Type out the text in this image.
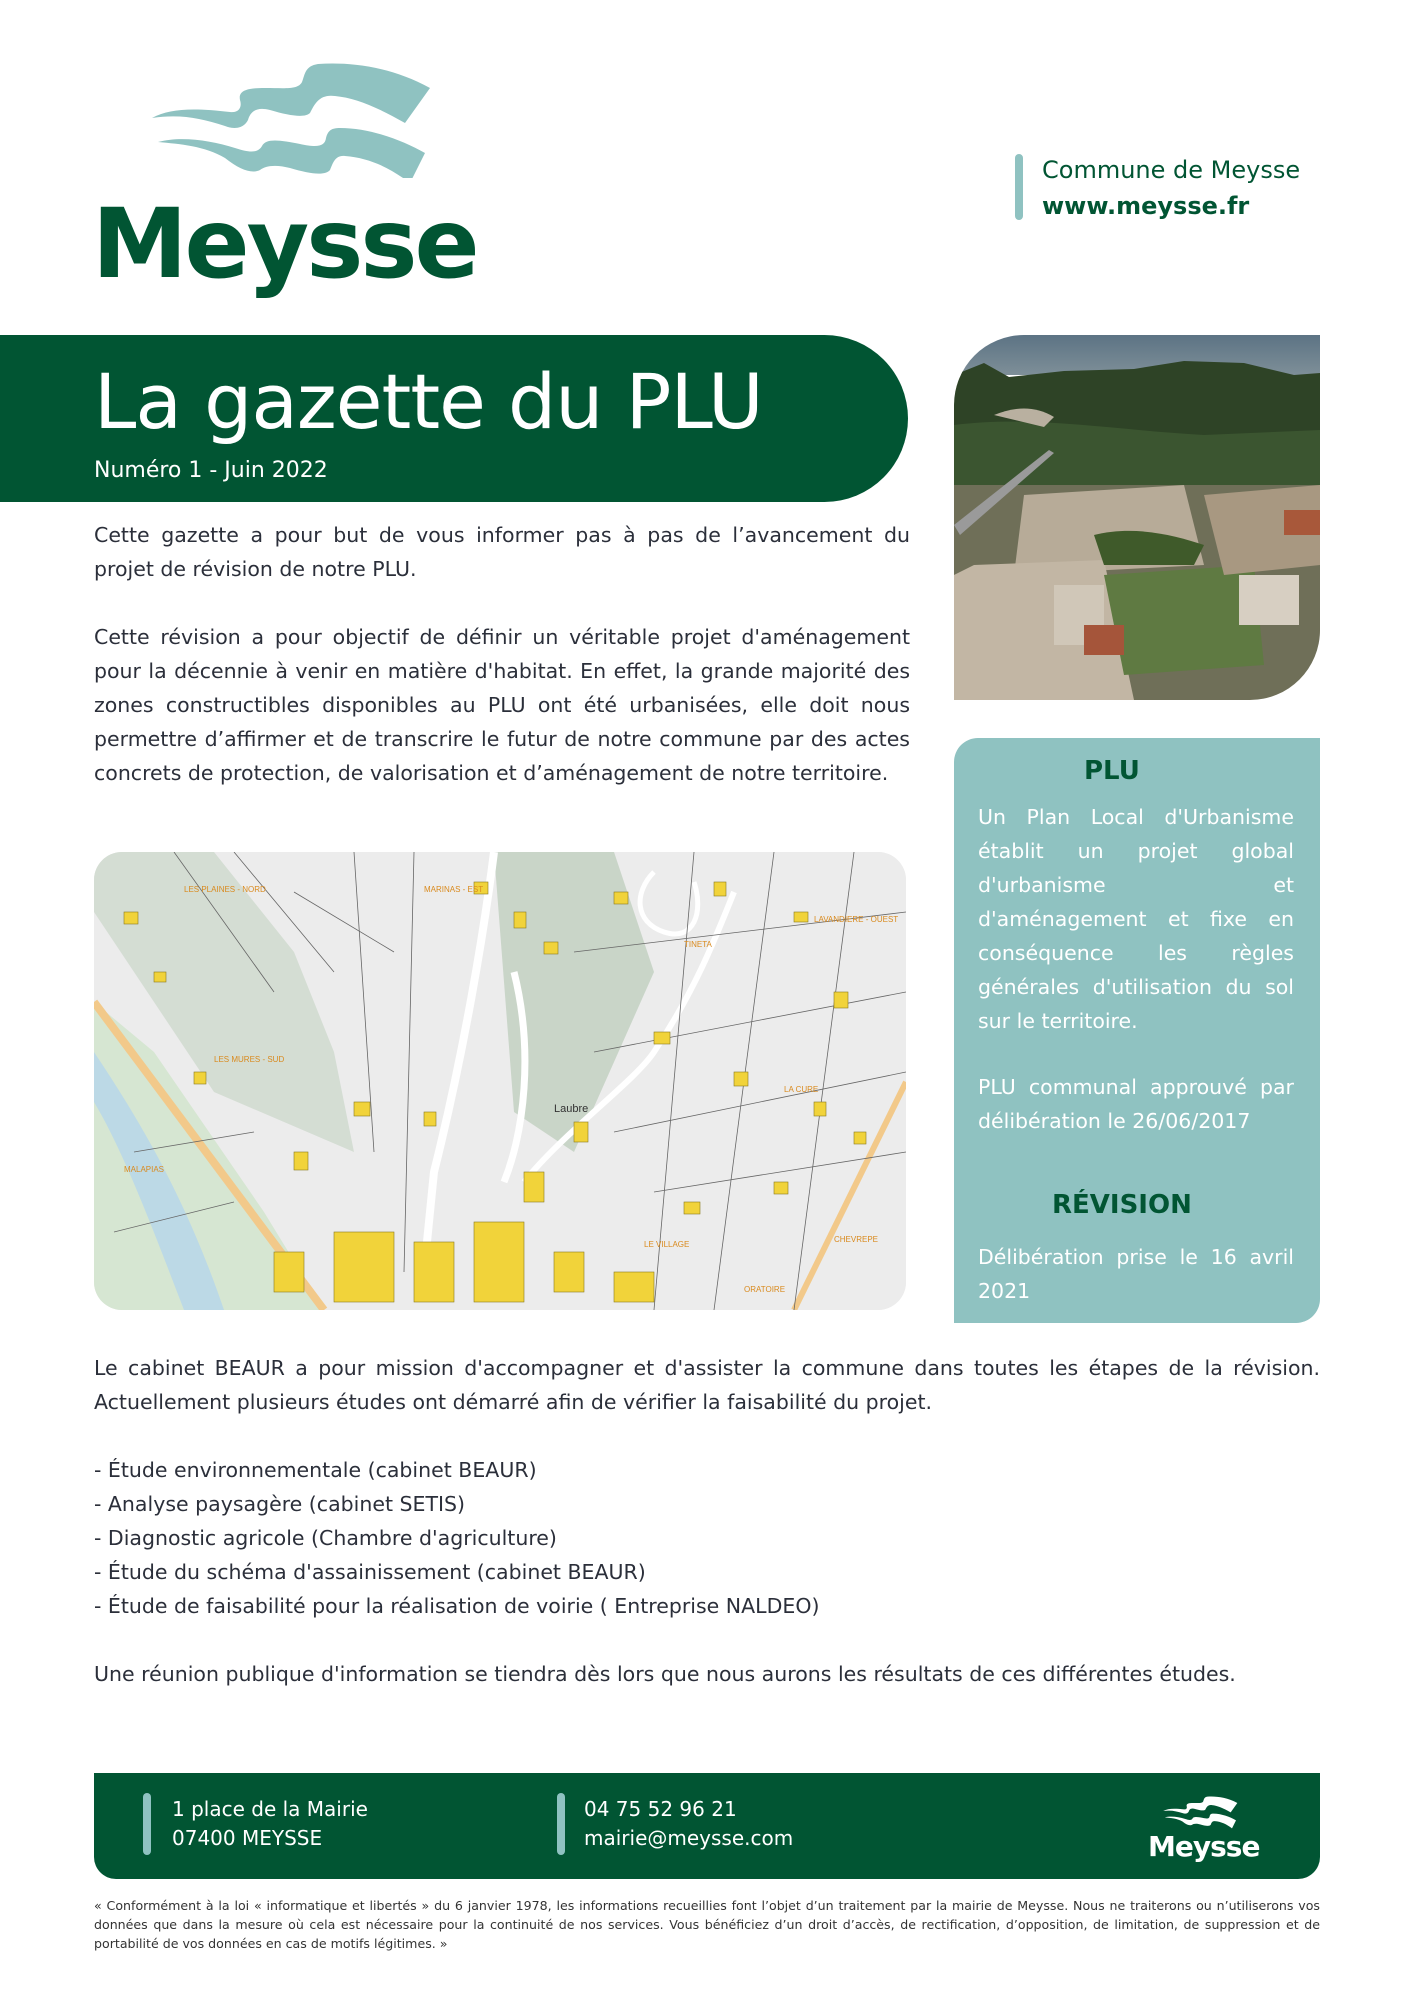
Meysse
Commune de Meysse
www.meysse.fr
La gazette du PLU
Numéro 1 - Juin 2022
Cette gazette a pour but de vous informer pas à pas de l’avancement du projet de révision de notre PLU.
Cette révision a pour objectif de définir un véritable projet d'aménagement pour la décennie à venir en matière d'habitat. En effet, la grande majorité des zones constructibles disponibles au PLU ont été urbanisées, elle doit nous permettre d’affirmer et de transcrire le futur de notre commune par des actes concrets de protection, de valorisation et d’aménagement de notre territoire.
LES PLAINES - NORD
LES MURES - SUD
MARINAS - EST
TINETA
LAVANDIERE - OUEST
LA CURE
LE VILLAGE
CHEVREPE
ORATOIRE
MALAPIAS
Laubre
PLU
Un Plan Local d'Urbanisme établit un projet global d'urbanisme et d'aménagement et fixe en conséquence les règles générales d'utilisation du sol sur le territoire.
PLU communal approuvé par délibération le 26/06/2017
RÉVISION
Délibération prise le 16 avril 2021
Le cabinet BEAUR a pour mission d'accompagner et d'assister la commune dans toutes les étapes de la révision. Actuellement plusieurs études ont démarré afin de vérifier la faisabilité du projet.
- Étude environnementale (cabinet BEAUR)
- Analyse paysagère (cabinet SETIS)
- Diagnostic agricole (Chambre d'agriculture)
- Étude du schéma d'assainissement (cabinet BEAUR)
- Étude de faisabilité pour la réalisation de voirie ( Entreprise NALDEO)
Une réunion publique d'information se tiendra dès lors que nous aurons les résultats de ces différentes études.
1 place de la Mairie
07400 MEYSSE
04 75 52 96 21
mairie@meysse.com	Meysse
« Conformément à la loi « informatique et libertés » du 6 janvier 1978, les informations recueillies font l’objet d’un traitement par la mairie de Meysse. Nous ne traiterons ou n’utiliserons vos données que dans la mesure où cela est nécessaire pour la continuité de nos services. Vous bénéficiez d’un droit d’accès, de rectification, d’opposition, de limitation, de suppression et de portabilité de vos données en cas de motifs légitimes. »
